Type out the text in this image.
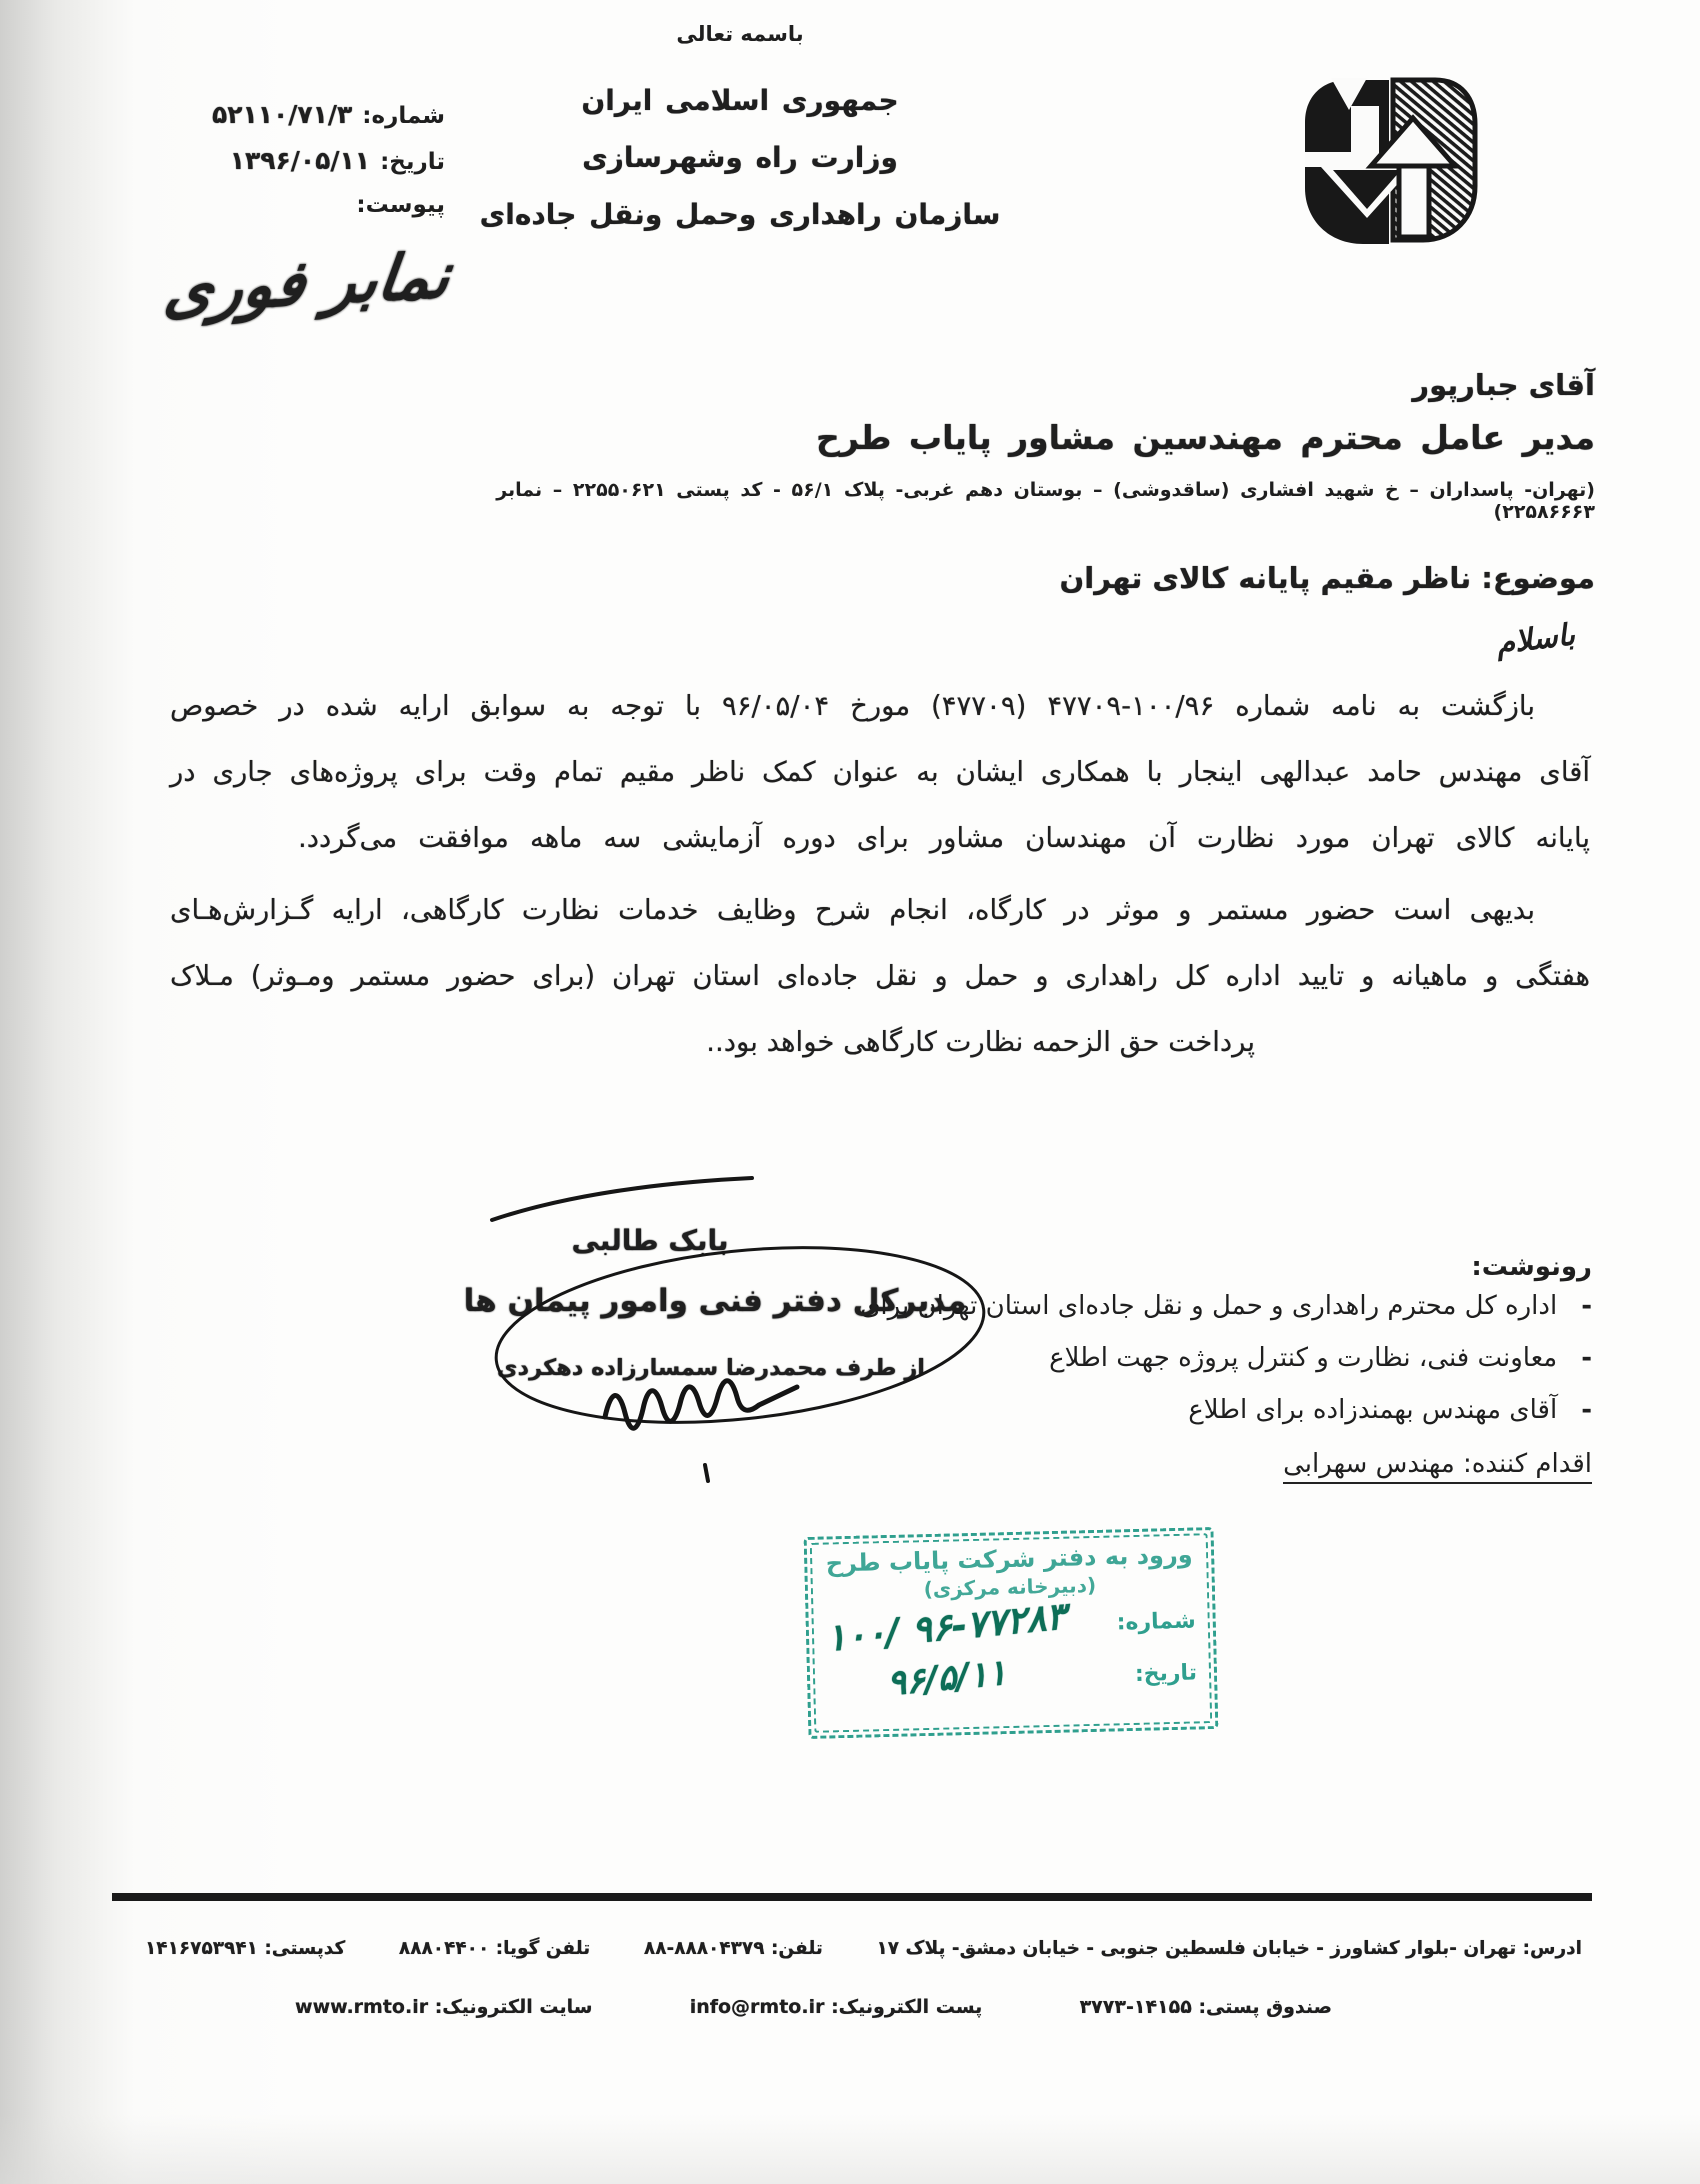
باسمه تعالی
جمهوری اسلامی ایران
وزارت راه وشهرسازی
سازمان راهداری وحمل ونقل جاده‌ای
شماره:
۵۲۱۱۰/۷۱/۳
تاریخ:
۱۳۹۶/۰۵/۱۱
پیوست:
نمابر فوری
آقای جبارپور
مدیر عامل محترم مهندسین مشاور پایاب طرح
(تهران- پاسداران – خ شهید افشاری (ساقدوشی) – بوستان دهم غربی- پلاک ۵۶/۱ - کد پستی ۲۲۵۵۰۶۲۱ – نمابر ۲۲۵۸۶۶۶۳)
موضوع: ناظر مقیم پایانه کالای تهران
باسلام
بازگشت به نامه شماره ۱۰۰/۹۶-۴۷۷۰۹ (۴۷۷۰۹) مورخ ۹۶/۰۵/۰۴ با توجه به سوابق ارایه شده در خصوص
آقای مهندس حامد عبدالهی اینجار با همکاری ایشان به عنوان کمک ناظر مقیم تمام وقت برای پروژه‌های جاری در
پایانه کالای تهران مورد نظارت آن مهندسان مشاور برای دوره آزمایشی سه ماهه موافقت می‌گردد.
بدیهی است حضور مستمر و موثر در کارگاه، انجام شرح وظایف خدمات نظارت کارگاهی، ارایه گـزارش‌هـای
هفتگی و ماهیانه و تایید اداره کل راهداری و حمل و نقل جاده‌ای استان تهران (برای حضور مستمر ومـوثر) مـلاک
پرداخت حق الزحمه نظارت کارگاهی خواهد بود..
رونوشت:
-
اداره کل محترم راهداری و حمل و نقل جاده‌ای استان تهران برای
-
معاونت فنی، نظارت و کنترل پروژه جهت اطلاع
-
آقای مهندس بهمندزاده برای اطلاع
اقدام کننده: مهندس سهرابی
بابک طالبی
مدیرکل دفتر فنی وامور پیمان ها
از طرف محمدرضا سمسارزاده دهکردی
ورود به دفتر شرکت پایاب طرح
(دبیرخانه مرکزی)
شماره:
۱۰۰/ ۹۶-۷۷۲۸۳
تاریخ:
۹۶/۵/۱۱
ادرس: تهران -بلوار کشاورز - خیابان فلسطین جنوبی - خیابان دمشق- پلاک ۱۷
تلفن: ۸۸۸۰۴۳۷۹-۸۸
تلفن گویا: ۸۸۸۰۴۴۰۰
کدپستی: ۱۴۱۶۷۵۳۹۴۱
صندوق پستی: ۱۴۱۵۵-۳۷۷۳
پست الکترونیک: info@rmto.ir
سایت الکترونیک: www.rmto.ir
